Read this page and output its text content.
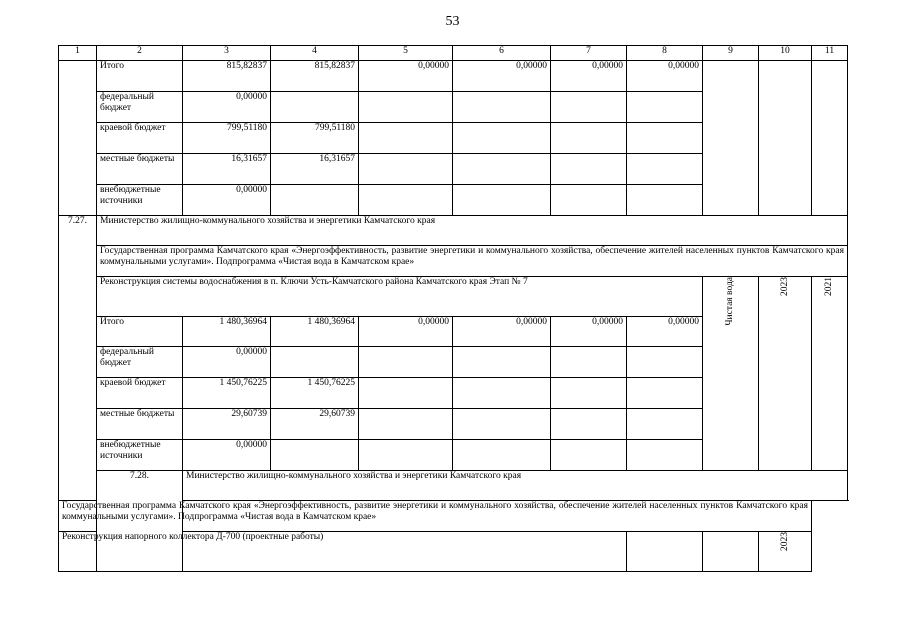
53
1	2	3	4	5	6	7	8	9	10	11
	Итого	815,82837	815,82837	0,00000	0,00000	0,00000	0,00000			
	федеральный бюджет	0,00000								
	краевой бюджет	799,51180	799,51180							
	местные бюджеты	16,31657	16,31657							
	внебюджетные источники	0,00000								
7.27.	Министерство жилищно-коммунального хозяйства и энергетики Камчатского края									
	Государственная программа Камчатского края «Энергоэффективность, развитие энергетики и коммунального хозяйства, обеспечение жителей населенных пунктов Камчатского края коммунальными услугами». Подпрограмма «Чистая вода в Камчатском крае»									
	Реконструкция системы водоснабжения в п. Ключи Усть-Камчатского района Камчатского края Этап № 7							Чистая вода	2023	2021

	Итого	1 480,36964	1 480,36964	0,00000	0,00000	0,00000	0,00000			
	федеральный бюджет	0,00000								
	краевой бюджет	1 450,76225	1 450,76225							
	местные бюджеты	29,60739	29,60739							
	внебюджетные источники	0,00000								
	7.28.	Министерство жилищно-коммунального хозяйства и энергетики Камчатского края								
Государственная программа Камчатского края «Энергоэффективность, развитие энергетики и коммунального хозяйства, обеспечение жителей населенных пунктов Камчатского края коммунальными услугами». Подпрограмма «Чистая вода в Камчатском крае»										
Реконструкция напорного коллектора Д-700 (проектные работы)									2023	
